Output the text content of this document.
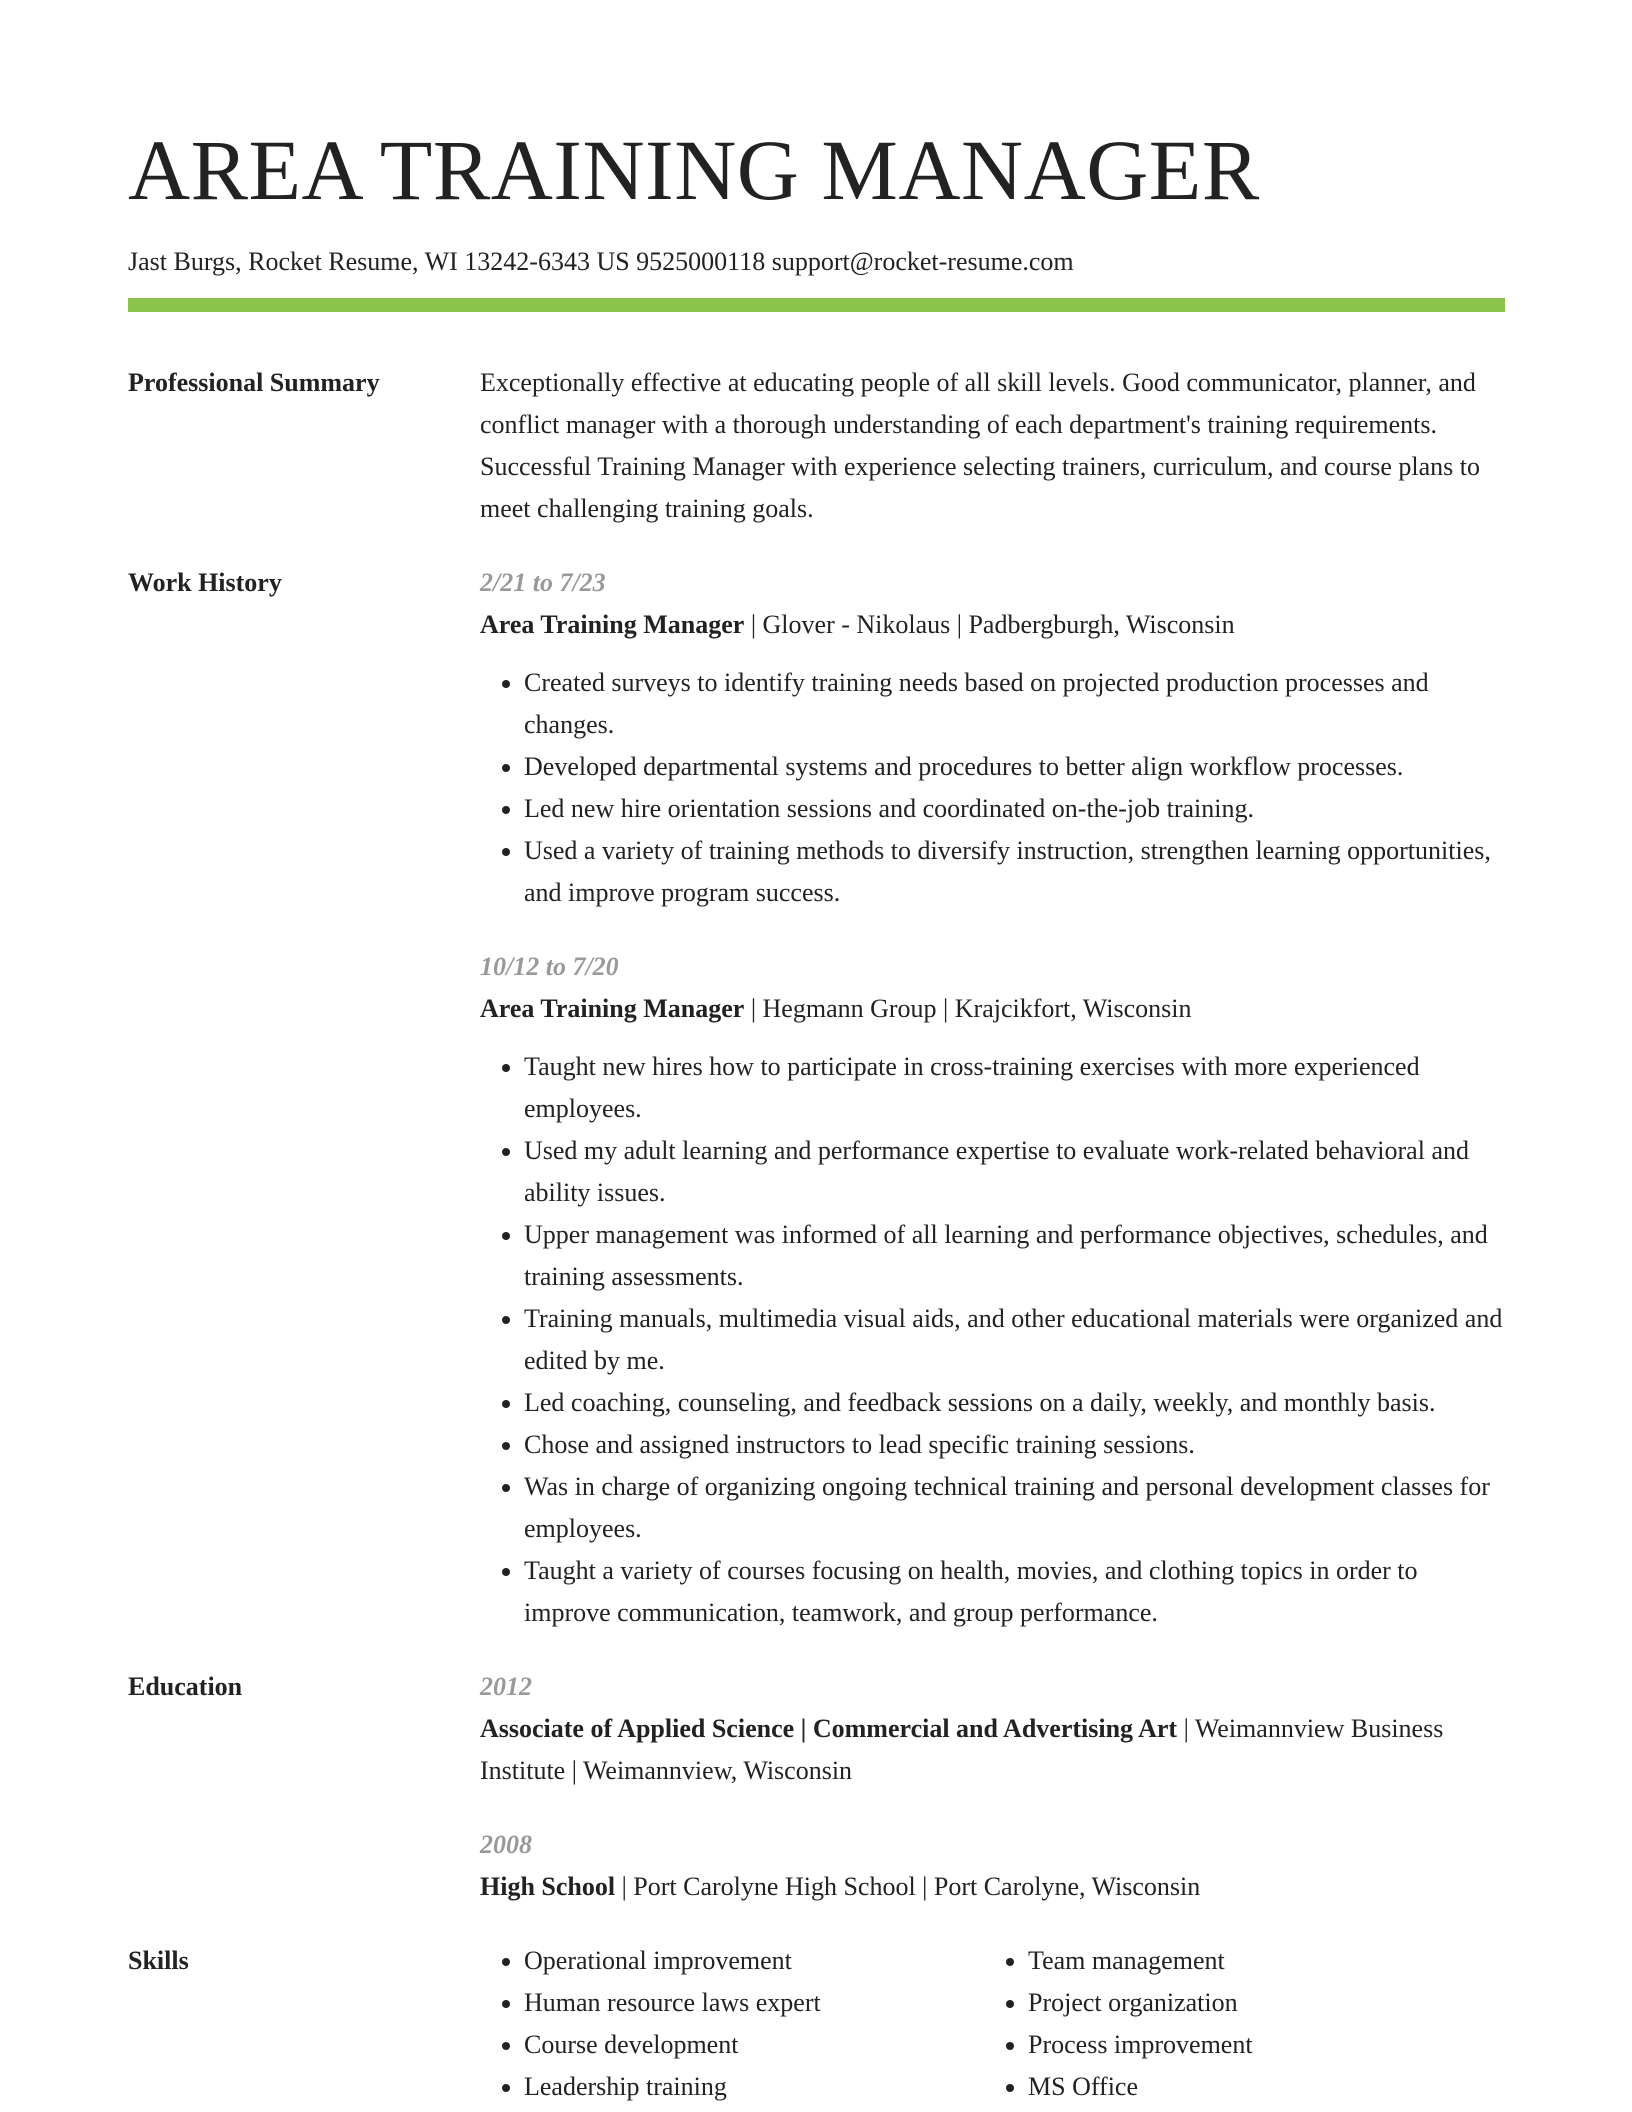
AREA TRAINING MANAGER
Jast Burgs, Rocket Resume, WI 13242-6343 US 9525000118 support@rocket-resume.com
Professional Summary	Exceptionally effective at educating people of all skill levels. Good communicator, planner, and conflict manager with a thorough understanding of each department's training requirements. Successful Training Manager with experience selecting trainers, curriculum, and course plans to meet challenging training goals.
Work History	2/21 to 7/23

Area Training Manager | Glover - Nikolaus | Padbergburgh, Wisconsin

• Created surveys to identify training needs based on projected production processes and changes.
• Developed departmental systems and procedures to better align workflow processes.
• Led new hire orientation sessions and coordinated on-the-job training.
• Used a variety of training methods to diversify instruction, strengthen learning opportunities, and improve program success.
10/12 to 7/20

Area Training Manager | Hegmann Group | Krajcikfort, Wisconsin

• Taught new hires how to participate in cross-training exercises with more experienced employees.
• Used my adult learning and performance expertise to evaluate work-related behavioral and ability issues.
• Upper management was informed of all learning and performance objectives, schedules, and training assessments.
• Training manuals, multimedia visual aids, and other educational materials were organized and edited by me.
• Led coaching, counseling, and feedback sessions on a daily, weekly, and monthly basis.
• Chose and assigned instructors to lead specific training sessions.
• Was in charge of organizing ongoing technical training and personal development classes for employees.
• Taught a variety of courses focusing on health, movies, and clothing topics in order to improve communication, teamwork, and group performance.
Education	2012

Associate of Applied Science | Commercial and Advertising Art | Weimannview Business Institute | Weimannview, Wisconsin

2008

High School | Port Carolyne High School | Port Carolyne, Wisconsin

Skills
•	Operational improvement
• Human resource laws expert
• Course development
• Leadership training
• Team management
• Project organization
• Process improvement
• MS Office
